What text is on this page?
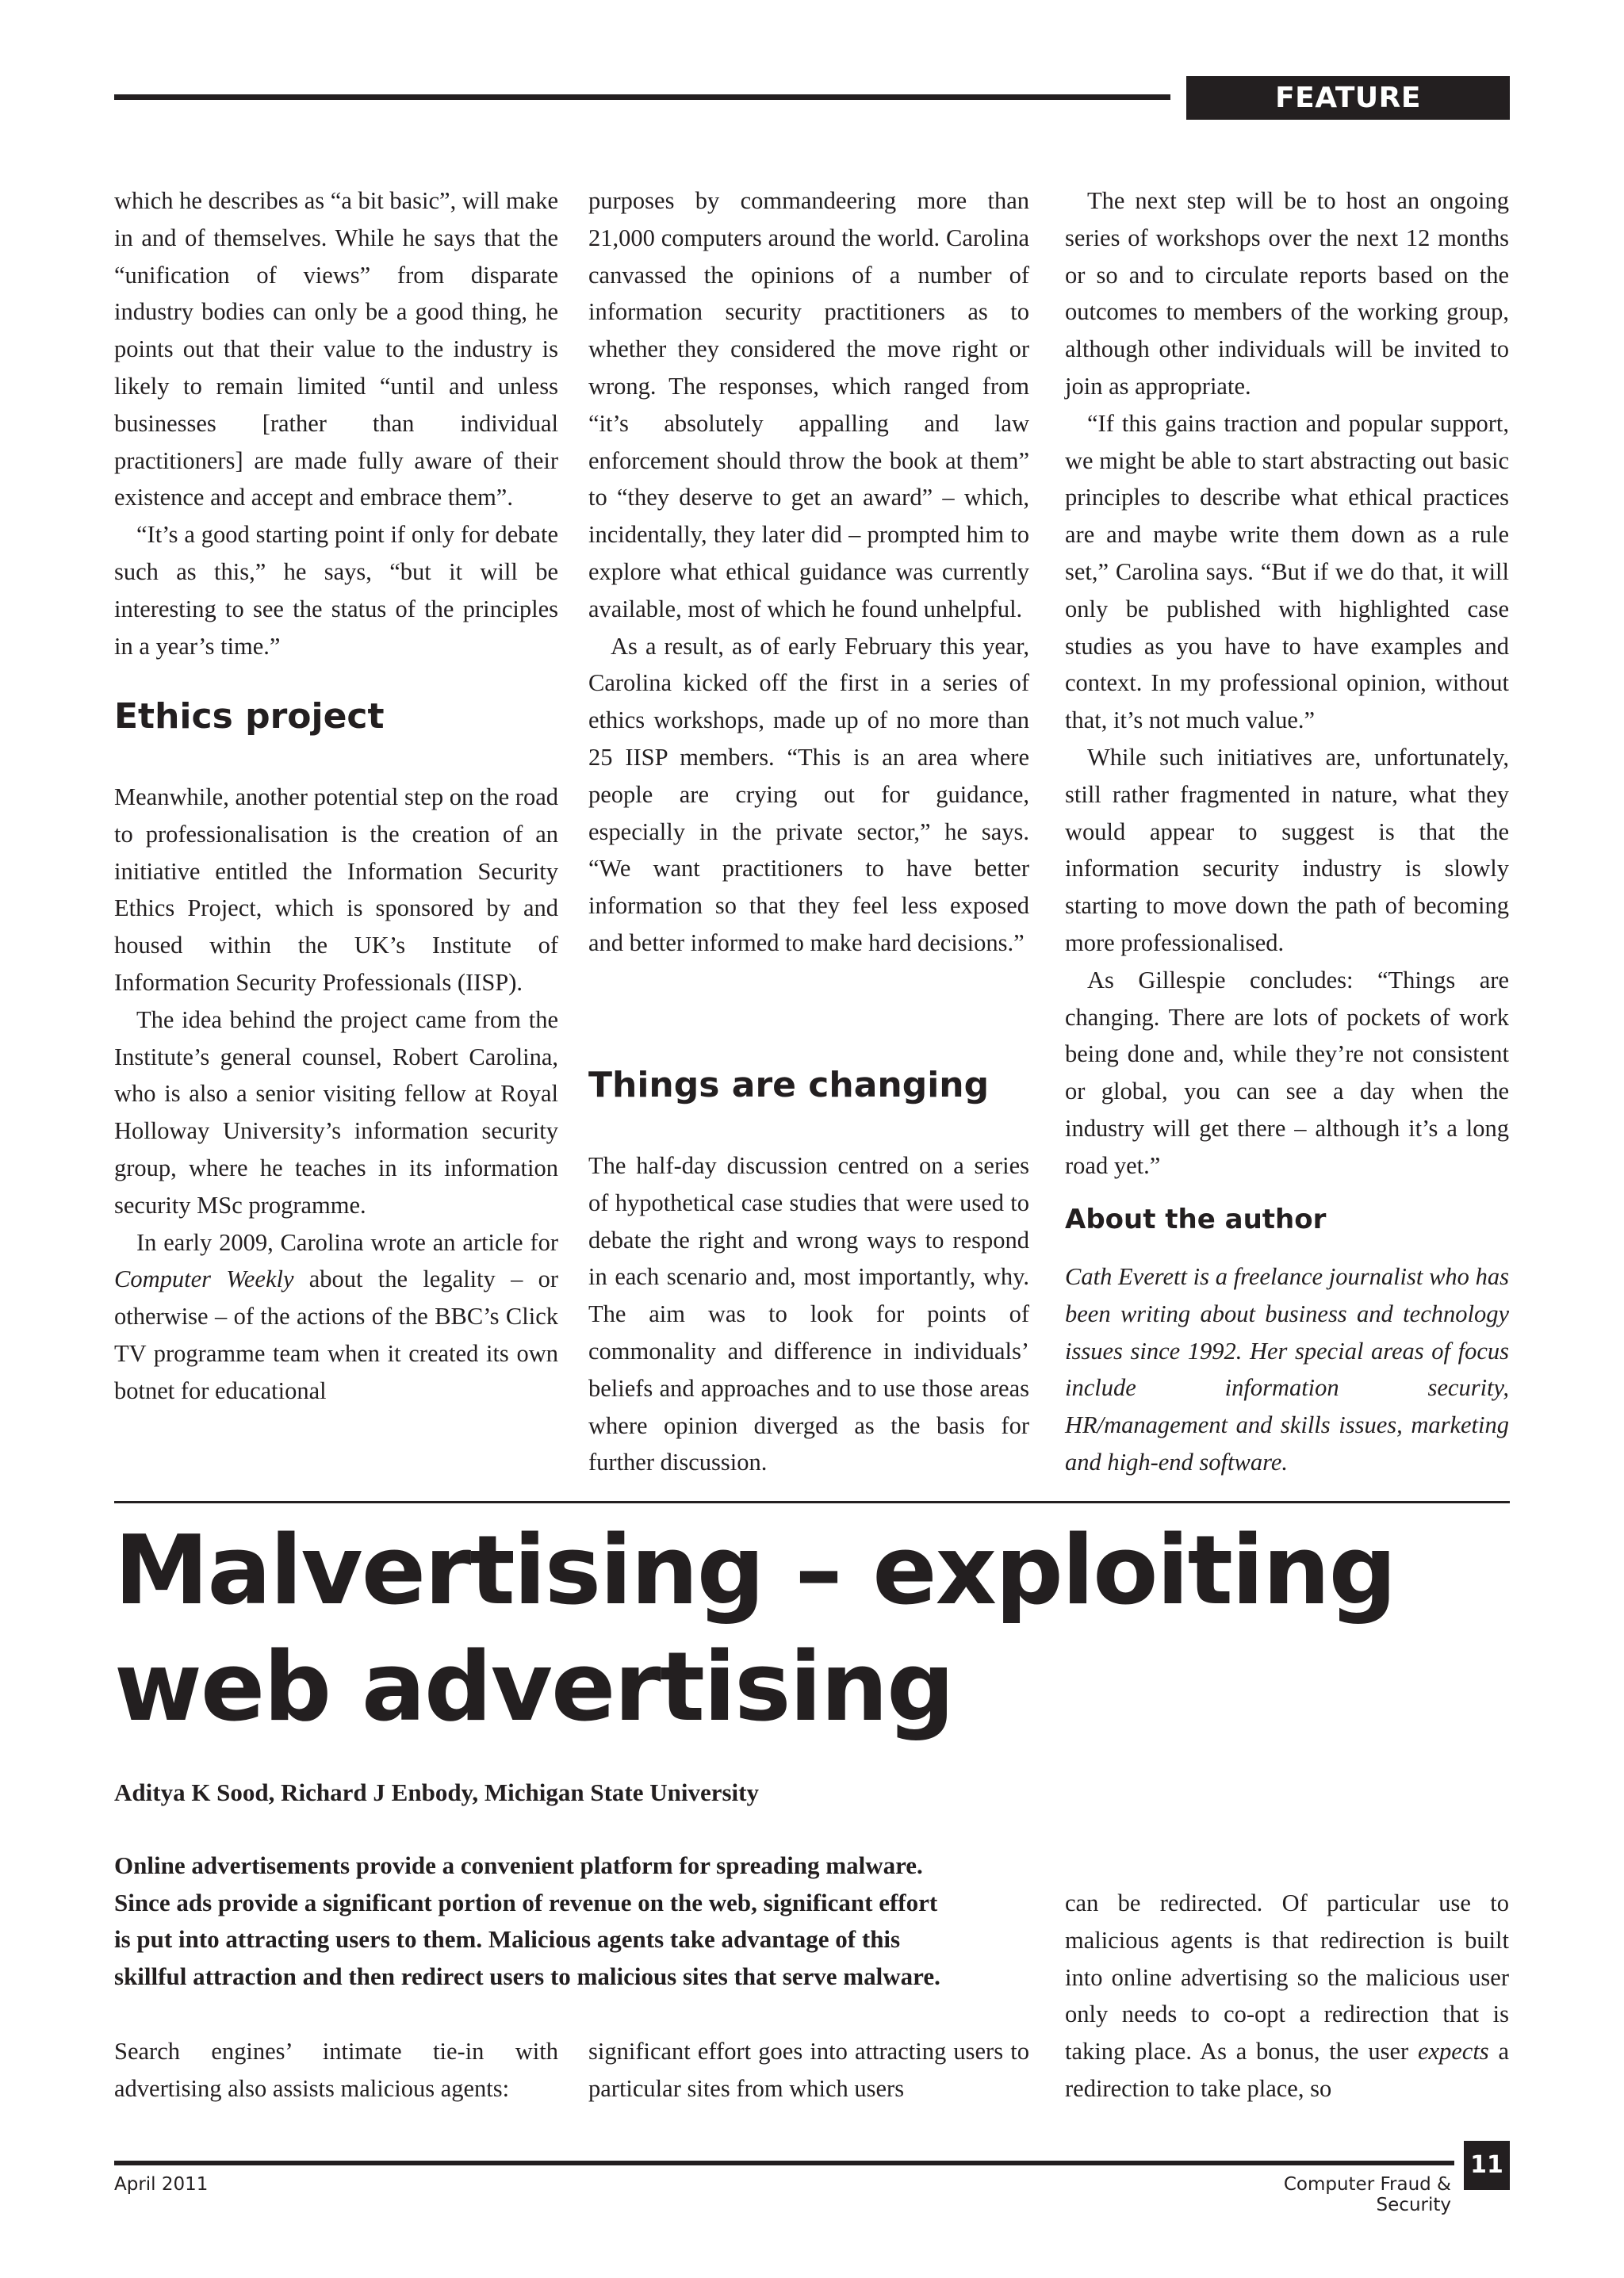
FEATURE

which he describes as “a bit basic”, will make in and of themselves. While he says that the “unification of views” from disparate industry bodies can only be a good thing, he points out that their value to the industry is likely to remain limited “until and unless businesses [rather than individual practitioners] are made fully aware of their existence and accept and embrace them”.

“It’s a good starting point if only for debate such as this,” he says, “but it will be interesting to see the status of the principles in a year’s time.”

Ethics project

Meanwhile, another potential step on the road to professionalisation is the creation of an initiative entitled the Information Security Ethics Project, which is sponsored by and housed within the UK’s Institute of Information Security Professionals (IISP).

The idea behind the project came from the Institute’s general counsel, Robert Carolina, who is also a senior visiting fellow at Royal Holloway University’s information security group, where he teaches in its information security MSc programme.

In early 2009, Carolina wrote an article for Computer Weekly about the legality – or otherwise – of the actions of the BBC’s Click TV programme team when it created its own botnet for educational

purposes by commandeering more than 21,000 computers around the world. Carolina canvassed the opinions of a number of information security practitioners as to whether they considered the move right or wrong. The responses, which ranged from “it’s absolutely appalling and law enforcement should throw the book at them” to “they deserve to get an award” – which, incidentally, they later did – prompted him to explore what ethical guidance was currently available, most of which he found unhelpful.

As a result, as of early February this year, Carolina kicked off the first in a series of ethics workshops, made up of no more than 25 IISP members. “This is an area where people are crying out for guidance, especially in the private sector,” he says. “We want practitioners to have better information so that they feel less exposed and better informed to make hard decisions.”

Things are changing

The half-day discussion centred on a series of hypothetical case studies that were used to debate the right and wrong ways to respond in each scenario and, most importantly, why. The aim was to look for points of commonality and difference in individuals’ beliefs and approaches and to use those areas where opinion diverged as the basis for further discussion.

The next step will be to host an ongoing series of workshops over the next 12 months or so and to circulate reports based on the outcomes to members of the working group, although other individuals will be invited to join as appropriate.

“If this gains traction and popular support, we might be able to start abstracting out basic principles to describe what ethical practices are and maybe write them down as a rule set,” Carolina says. “But if we do that, it will only be published with highlighted case studies as you have to have examples and context. In my professional opinion, without that, it’s not much value.”

While such initiatives are, unfortunately, still rather fragmented in nature, what they would appear to suggest is that the information security industry is slowly starting to move down the path of becoming more professionalised.

As Gillespie concludes: “Things are changing. There are lots of pockets of work being done and, while they’re not consistent or global, you can see a day when the industry will get there – although it’s a long road yet.”

About the author

Cath Everett is a freelance journalist who has been writing about business and technology issues since 1992. Her special areas of focus include information security, HR/management and skills issues, marketing and high-end software.

Malvertising – exploiting
web advertising

Aditya K Sood, Richard J Enbody, Michigan State University

Online advertisements provide a convenient platform for spreading malware.
Since ads provide a significant portion of revenue on the web, significant effort
is put into attracting users to them. Malicious agents take advantage of this
skillful attraction and then redirect users to malicious sites that serve malware.

Search engines’ intimate tie-in with advertising also assists malicious agents:

significant effort goes into attracting users to particular sites from which users

can be redirected. Of particular use to malicious agents is that redirection is built into online advertising so the malicious user only needs to co-opt a redirection that is taking place. As a bonus, the user expects a redirection to take place, so

11
April 2011	Computer Fraud & Security
